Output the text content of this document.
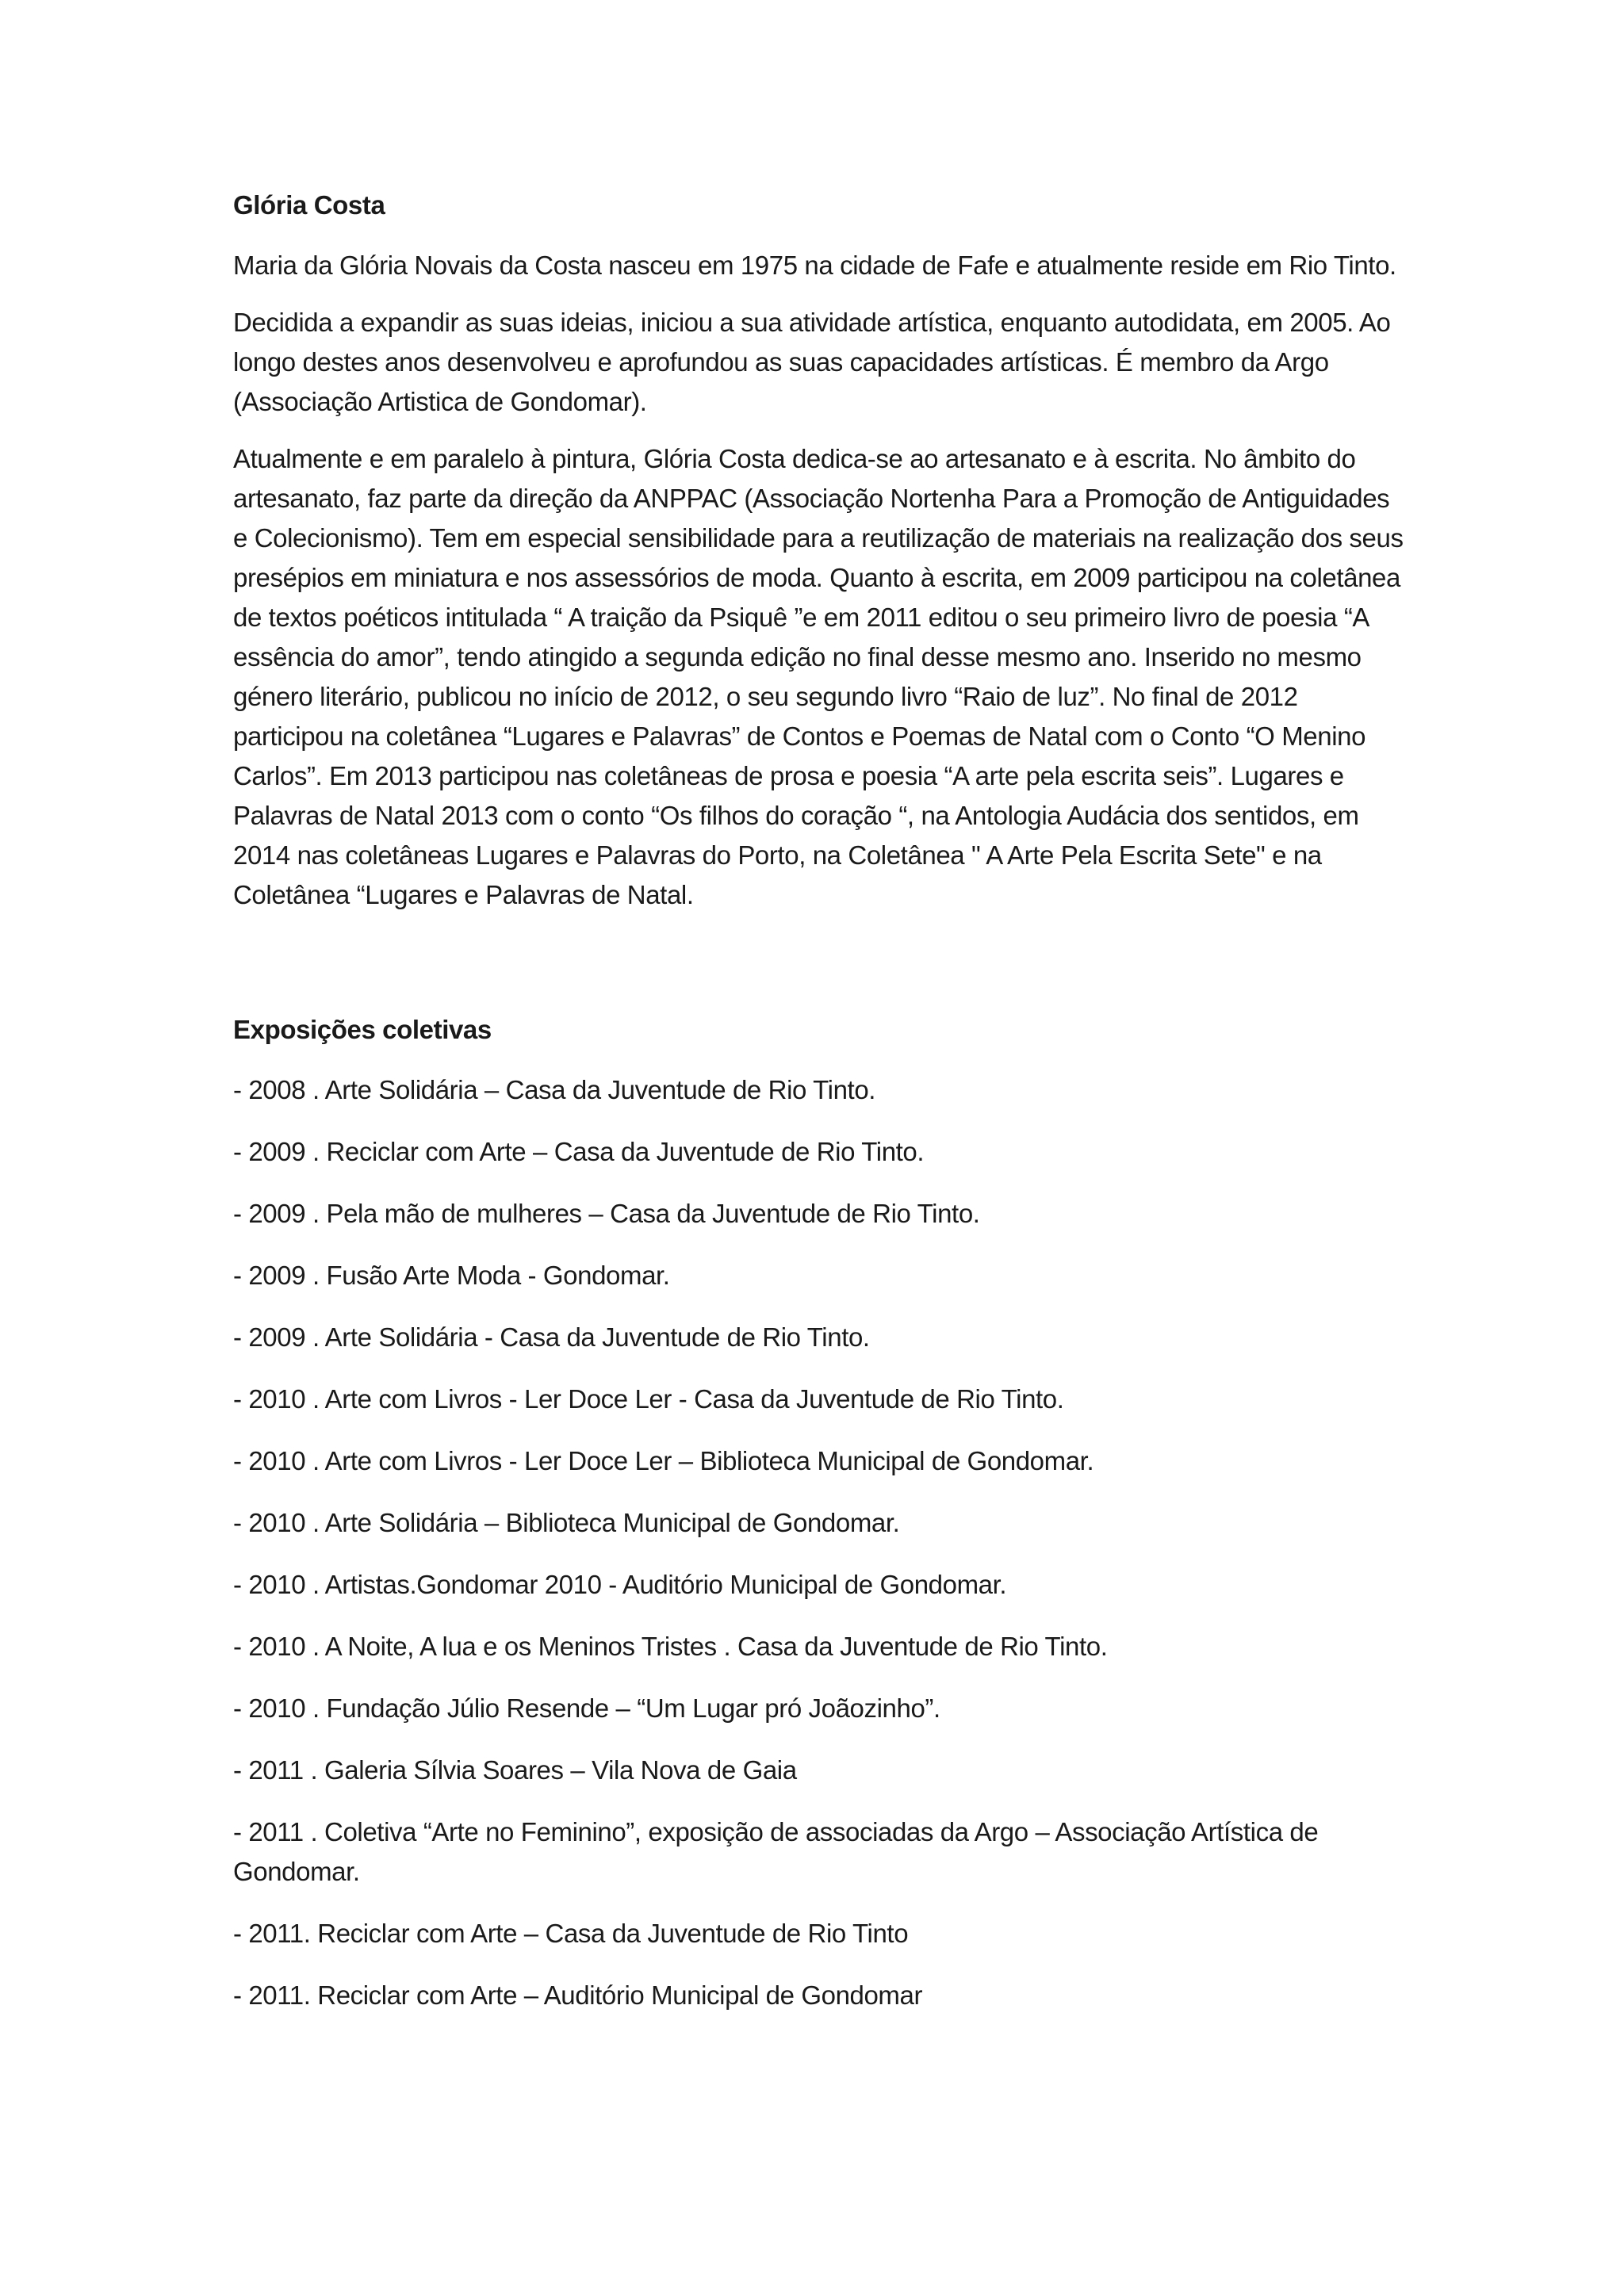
Glória Costa

Maria da Glória Novais da Costa nasceu em 1975 na cidade de Fafe e atualmente reside em Rio Tinto.

Decidida a expandir as suas ideias, iniciou a sua atividade artística, enquanto autodidata, em 2005. Ao longo destes anos desenvolveu e aprofundou as suas capacidades artísticas. É membro da Argo (Associação Artistica de Gondomar).

Atualmente e em paralelo à pintura, Glória Costa dedica-se ao artesanato e à escrita. No âmbito do artesanato, faz parte da direção da ANPPAC (Associação Nortenha Para a Promoção de Antiguidades e Colecionismo). Tem em especial sensibilidade para a reutilização de materiais na realização dos seus presépios em miniatura e nos assessórios de moda. Quanto à escrita, em 2009 participou na coletânea de textos poéticos intitulada “ A traição da Psiquê ”e em 2011 editou o seu primeiro livro de poesia “A essência do amor”, tendo atingido a segunda edição no final desse mesmo ano. Inserido no mesmo género literário, publicou no início de 2012, o seu segundo livro “Raio de luz”. No final de 2012 participou na coletânea “Lugares e Palavras” de Contos e Poemas de Natal com o Conto “O Menino Carlos”. Em 2013 participou nas coletâneas de prosa e poesia “A arte pela escrita seis”. Lugares e Palavras de Natal 2013 com o conto “Os filhos do coração “, na Antologia Audácia dos sentidos, em 2014 nas coletâneas Lugares e Palavras do Porto, na Coletânea " A Arte Pela Escrita Sete" e na Coletânea “Lugares e Palavras de Natal.

Exposições coletivas
- 2008 . Arte Solidária – Casa da Juventude de Rio Tinto.
- 2009 . Reciclar com Arte – Casa da Juventude de Rio Tinto.
- 2009 . Pela mão de mulheres – Casa da Juventude de Rio Tinto.
- 2009 . Fusão Arte Moda - Gondomar.
- 2009 . Arte Solidária - Casa da Juventude de Rio Tinto.
- 2010 . Arte com Livros - Ler Doce Ler - Casa da Juventude de Rio Tinto.
- 2010 . Arte com Livros - Ler Doce Ler – Biblioteca Municipal de Gondomar.
- 2010 . Arte Solidária – Biblioteca Municipal de Gondomar.
- 2010 . Artistas.Gondomar 2010 - Auditório Municipal de Gondomar.
- 2010 . A Noite, A lua e os Meninos Tristes . Casa da Juventude de Rio Tinto.
- 2010 . Fundação Júlio Resende – “Um Lugar pró Joãozinho”.
- 2011 . Galeria Sílvia Soares – Vila Nova de Gaia
- 2011 . Coletiva “Arte no Feminino”, exposição de associadas da Argo – Associação Artística de Gondomar.
- 2011. Reciclar com Arte – Casa da Juventude de Rio Tinto
- 2011. Reciclar com Arte – Auditório Municipal de Gondomar
